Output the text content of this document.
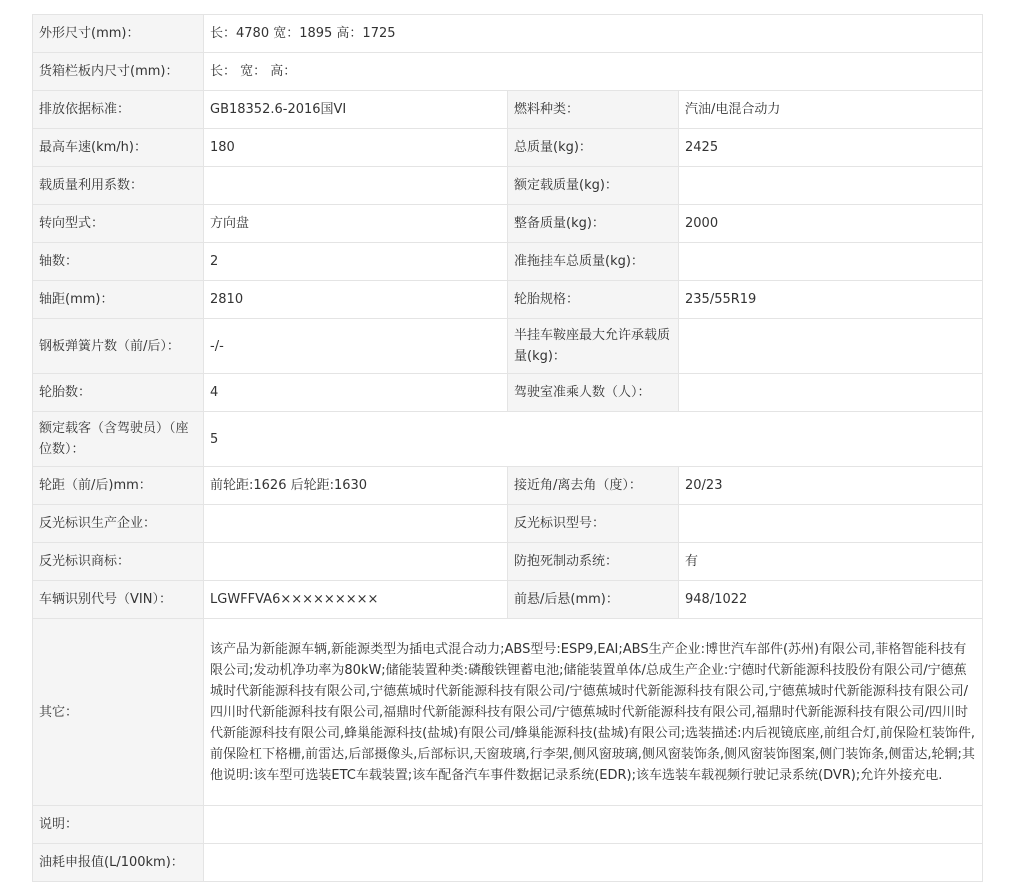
外形尺寸(mm)：	长：4780 宽：1895 高：1725		
货箱栏板内尺寸(mm)：	长： 宽： 高：		
排放依据标准：	GB18352.6-2016国VI	燃料种类：	汽油/电混合动力
最高车速(km/h)：	180	总质量(kg)：	2425
载质量利用系数：		额定载质量(kg)：	
转向型式：	方向盘	整备质量(kg)：	2000
轴数：	2	准拖挂车总质量(kg)：	
轴距(mm)：	2810	轮胎规格：	235/55R19
钢板弹簧片数（前/后）：	-/-	半挂车鞍座最大允许承载质量(kg)：	
轮胎数：	4	驾驶室准乘人数（人）：	
额定载客（含驾驶员）（座位数）：	5		
轮距（前/后)mm：	前轮距:1626 后轮距:1630	接近角/离去角（度）：	20/23
反光标识生产企业：		反光标识型号：	
反光标识商标：		防抱死制动系统：	有
车辆识别代号（VIN）：	LGWFFVA6×××××××××	前悬/后悬(mm)：	948/1022
其它：	该产品为新能源车辆,新能源类型为插电式混合动力;ABS型号:ESP9,EAI;ABS生产企业:博世汽车部件(苏州)有限公司,菲格智能科技有限公司;发动机净功率为80kW;储能装置种类:磷酸铁锂蓄电池;储能装置单体/总成生产企业:宁德时代新能源科技股份有限公司/宁德蕉城时代新能源科技有限公司,宁德蕉城时代新能源科技有限公司/宁德蕉城时代新能源科技有限公司,宁德蕉城时代新能源科技有限公司/四川时代新能源科技有限公司,福鼎时代新能源科技有限公司/宁德蕉城时代新能源科技有限公司,福鼎时代新能源科技有限公司/四川时代新能源科技有限公司,蜂巢能源科技(盐城)有限公司/蜂巢能源科技(盐城)有限公司;选装描述:内后视镜底座,前组合灯,前保险杠装饰件,前保险杠下格栅,前雷达,后部摄像头,后部标识,天窗玻璃,行李架,侧风窗玻璃,侧风窗装饰条,侧风窗装饰图案,侧门装饰条,侧雷达,轮辋;其他说明:该车型可选装ETC车载装置;该车配备汽车事件数据记录系统(EDR);该车选装车载视频行驶记录系统(DVR);允许外接充电.		
说明：			
油耗申报值(L/100km)：			
